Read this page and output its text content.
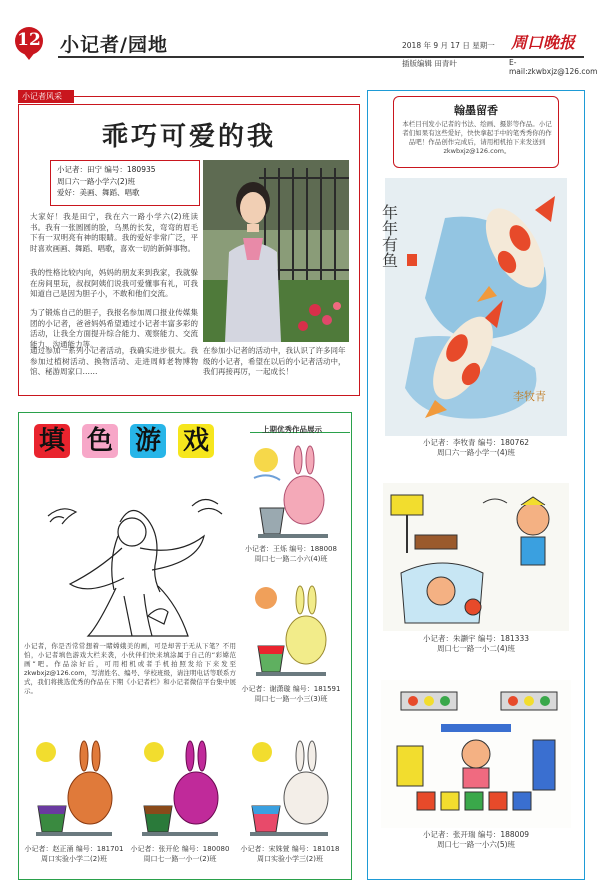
12 小记者/园地	2018 年 9 月 17 日 星期一 周口晚报
插版编辑 田青叶	E-mail:zkwbxjz@126.com
小记者风采
乖巧可爱的我
小记者：田宁 编号：180935
周口六一路小学六(2)班
爱好：美画、舞蹈、唱歌
大家好！我是田宁，我在六一路小学六(2)班读书。我有一张圆圆的脸，乌黑的长发，弯弯的眉毛下有一双明亮有神的眼睛。我的爱好非常广泛，平时喜欢画画、舞蹈、唱歌，喜欢一切的新鲜事物。
我的性格比较内向，妈妈的朋友来到我家，我就躲在房间里玩，叔叔阿姨们说我可爱懂事有礼，可我知道自己是因为胆子小，不敢和他们交流。
为了锻炼自己的胆子，我报名参加周口报业传媒集团的小记者，爸爸妈妈希望通过小记者丰富多彩的活动，让我全方面提升综合能力、观察能力、交流能力、沟通能力等。
通过参加一系列小记者活动，我确实进步很大。我参加过植树活动、换物活动、走进周师老物博物馆、秘游周家口……
在参加小记者的活动中，我认识了许多同年级的小记者，希望在以后的小记者活动中，我们再接再厉，一起成长！
翰墨留香
本栏目刊发小记者的书法、绘画、摄影等作品。小记者们如果有这些爱好，快快拿起手中的笔秀秀你的作品吧！作品创作完成后，请用相机拍下来发送到 zkwbxjz@126.com。
年年有鱼
李牧青
小记者：李牧青 编号：180762
周口六一路小学一(4)班
小记者：朱灏宇 编号：181333
周口七一路一小二(4)班
小记者：张开瑞 编号：188009
周口七一路一小六(5)班
填 色 游 戏	上期优秀作品展示
小记者，你是否常常想着一睹嫦娥美的画，可是却苦于无从下笔？不用怕，小记者填色游戏大栏来袭，小伙伴们快来填涂属于自己的“彩嫦范画”吧。作品涂好后，可用相机或者手机拍照发给下来发至 zkwbxjz@126.com，写清姓名、编号、学校班级，请注明电话等联系方式，我们将挑选优秀的作品在下期《小记者栏》和小记者微信平台集中展示。
小记者：王烁 编号：188008
周口七一路二小六(4)班
小记者：谢潇璇 编号：181591
周口七一路一小三(3)班
小记者：赵正涌 编号：181701
周口实验小学二(2)班
小记者：张开伦 编号：180080
周口七一路一小一(2)班
小记者：宋姝萱 编号：181018
周口实验小学三(2)班
